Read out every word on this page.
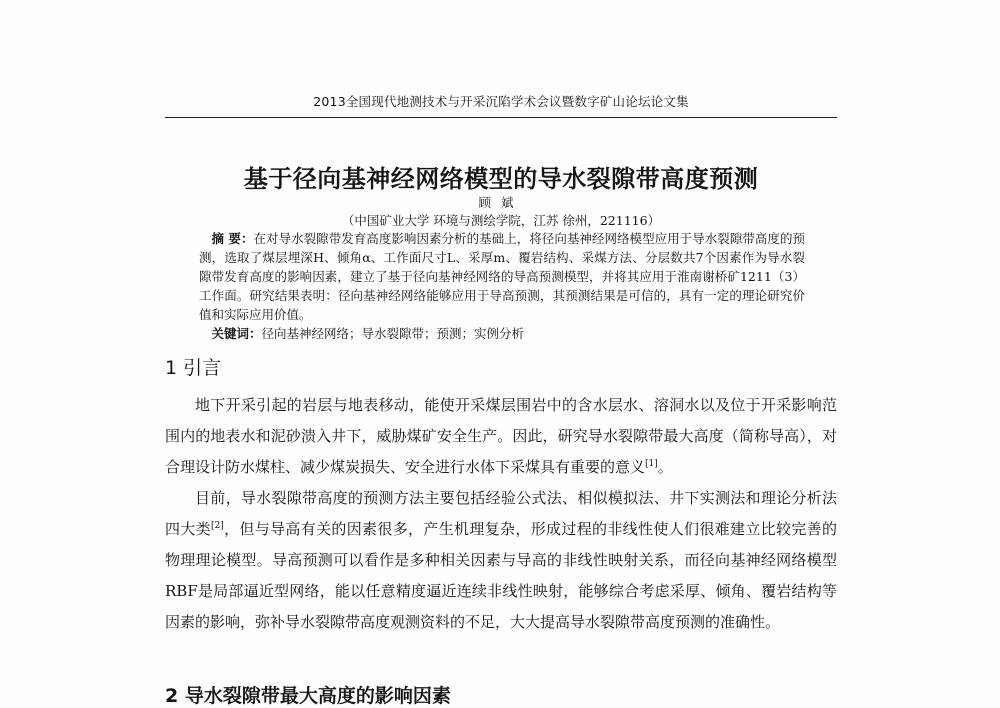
2013全国现代地测技术与开采沉陷学术会议暨数字矿山论坛论文集
基于径向基神经网络模型的导水裂隙带高度预测
顾斌
（中国矿业大学 环境与测绘学院，江苏 徐州，221116）

摘 要：在对导水裂隙带发育高度影响因素分析的基础上，将径向基神经网络模型应用于导水裂隙带高度的预测，选取了煤层埋深H、倾角α、工作面尺寸L、采厚m、覆岩结构、采煤方法、分层数共7个因素作为导水裂隙带发育高度的影响因素，建立了基于径向基神经网络的导高预测模型，并将其应用于淮南谢桥矿1211（3）工作面。研究结果表明：径向基神经网络能够应用于导高预测，其预测结果是可信的，具有一定的理论研究价值和实际应用价值。

关键词：径向基神经网络；导水裂隙带；预测；实例分析

1 引言

地下开采引起的岩层与地表移动，能使开采煤层围岩中的含水层水、溶洞水以及位于开采影响范围内的地表水和泥砂溃入井下，威胁煤矿安全生产。因此，研究导水裂隙带最大高度（简称导高），对合理设计防水煤柱、减少煤炭损失、安全进行水体下采煤具有重要的意义[1]。

目前，导水裂隙带高度的预测方法主要包括经验公式法、相似模拟法、井下实测法和理论分析法四大类[2]，但与导高有关的因素很多，产生机理复杂，形成过程的非线性使人们很难建立比较完善的物理理论模型。导高预测可以看作是多种相关因素与导高的非线性映射关系，而径向基神经网络模型RBF是局部逼近型网络，能以任意精度逼近连续非线性映射，能够综合考虑采厚、倾角、覆岩结构等因素的影响，弥补导水裂隙带高度观测资料的不足，大大提高导水裂隙带高度预测的准确性。

2 导水裂隙带最大高度的影响因素
